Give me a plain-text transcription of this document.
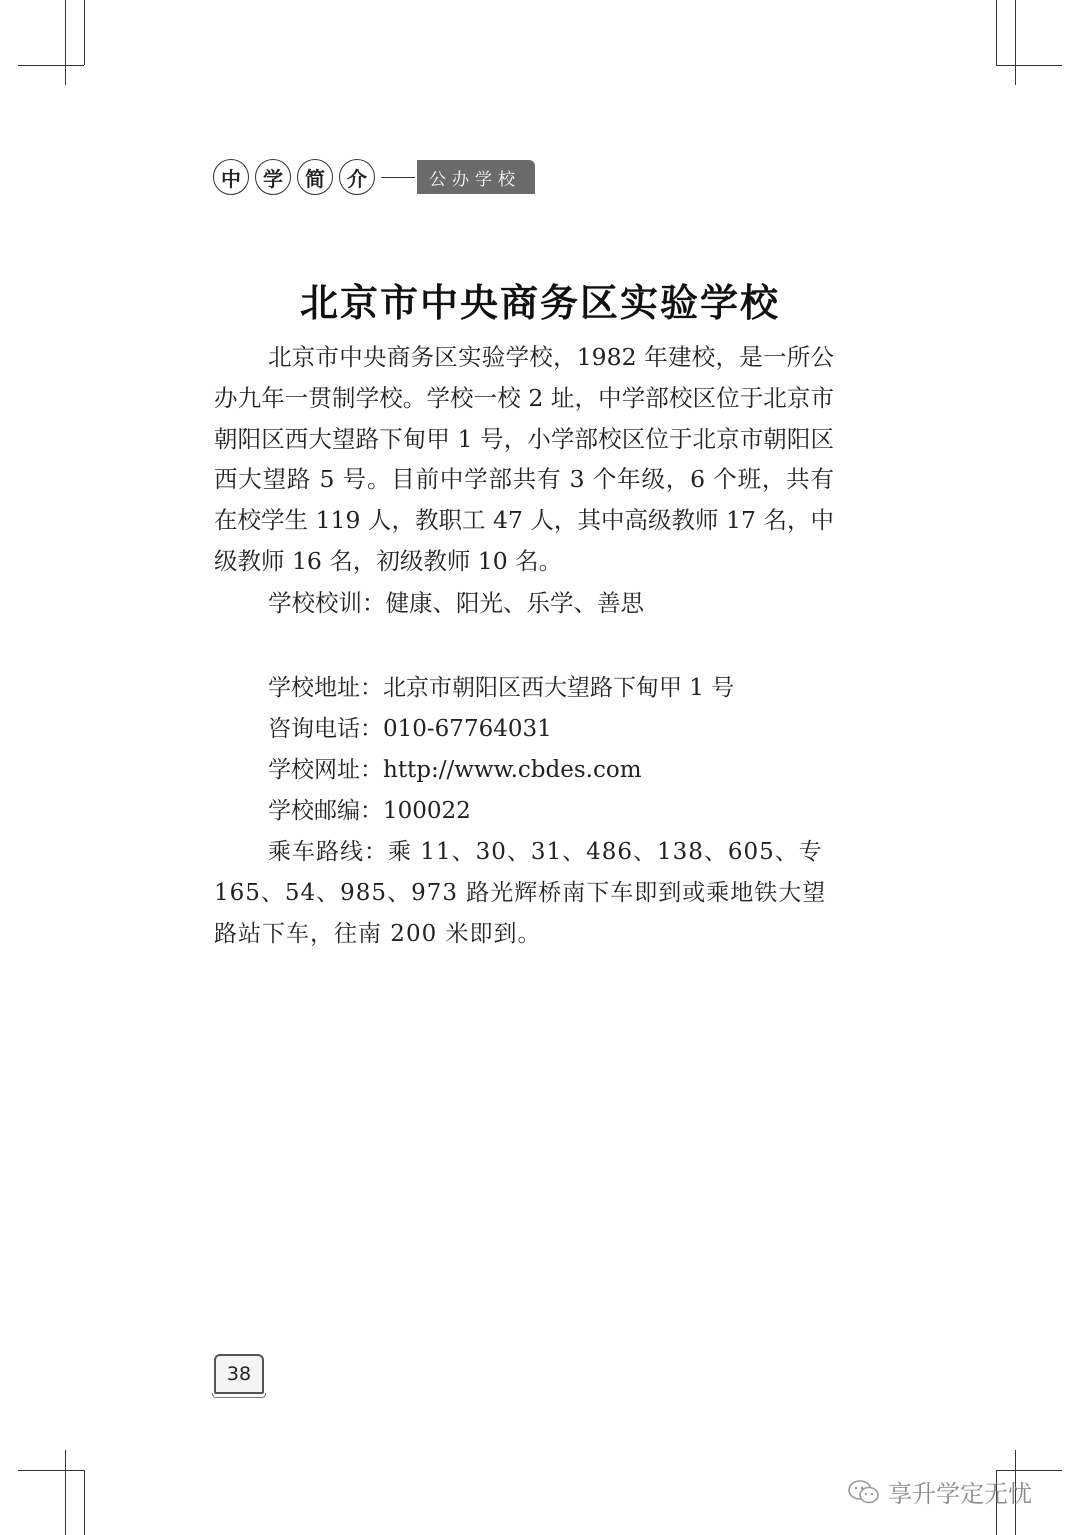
中	学	简	介	公办学校
北京市中央商务区实验学校

北京市中央商务区实验学校，1982 年建校，是一所公办九年一贯制学校。学校一校 2 址，中学部校区位于北京市朝阳区西大望路下甸甲 1 号，小学部校区位于北京市朝阳区西大望路 5 号。目前中学部共有 3 个年级，6 个班，共有在校学生 119 人，教职工 47 人，其中高级教师 17 名，中级教师 16 名，初级教师 10 名。

学校校训：健康、阳光、乐学、善思

学校地址：北京市朝阳区西大望路下甸甲 1 号
咨询电话：010-67764031
学校网址：http://www.cbdes.com
学校邮编：100022
乘车路线：乘 11、30、31、486、138、605、专 165、54、985、973 路光辉桥南下车即到或乘地铁大望路站下车，往南 200 米即到。
38
享升学定无忧
